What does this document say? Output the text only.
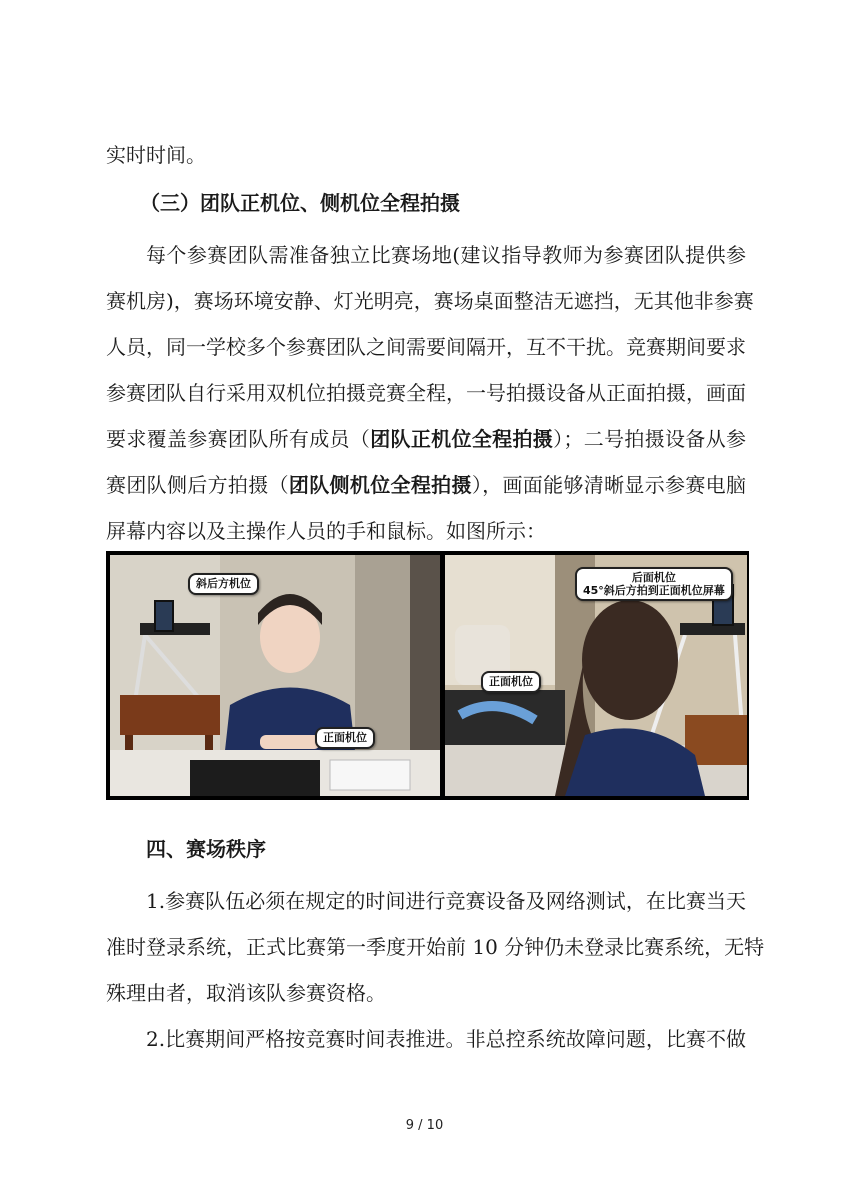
实时时间。
（三）团队正机位、侧机位全程拍摄
每个参赛团队需准备独立比赛场地(建议指导教师为参赛团队提供参
赛机房)，赛场环境安静、灯光明亮，赛场桌面整洁无遮挡，无其他非参赛
人员，同一学校多个参赛团队之间需要间隔开，互不干扰。竞赛期间要求
参赛团队自行采用双机位拍摄竞赛全程，一号拍摄设备从正面拍摄，画面
要求覆盖参赛团队所有成员（团队正机位全程拍摄）；二号拍摄设备从参
赛团队侧后方拍摄（团队侧机位全程拍摄），画面能够清晰显示参赛电脑
屏幕内容以及主操作人员的手和鼠标。如图所示：
斜后方机位
正面机位
后面机位
45°斜后方拍到正面机位屏幕
正面机位
四、赛场秩序
1.参赛队伍必须在规定的时间进行竞赛设备及网络测试，在比赛当天
准时登录系统，正式比赛第一季度开始前 10 分钟仍未登录比赛系统，无特
殊理由者，取消该队参赛资格。
2.比赛期间严格按竞赛时间表推进。非总控系统故障问题，比赛不做
9 / 10
